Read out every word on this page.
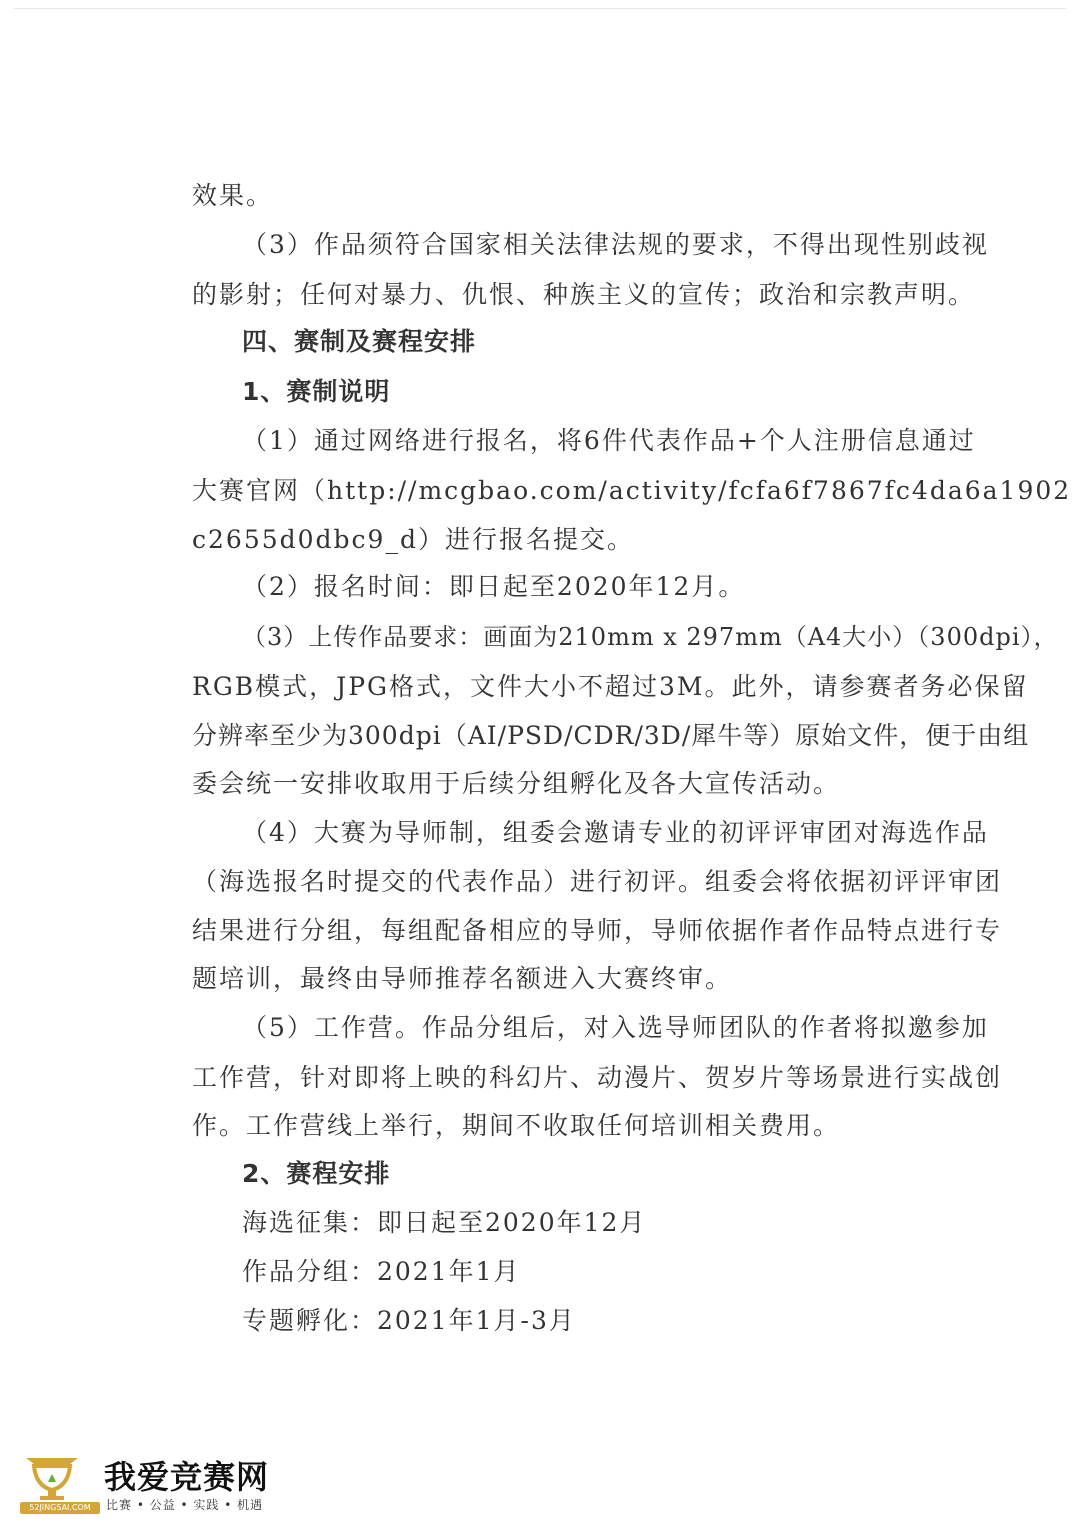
效果。
（3）作品须符合国家相关法律法规的要求，不得出现性别歧视
的影射；任何对暴力、仇恨、种族主义的宣传；政治和宗教声明。
四、赛制及赛程安排
1、赛制说明
（1）通过网络进行报名，将6件代表作品+个人注册信息通过
大赛官网（http://mcgbao.com/activity/fcfa6f7867fc4da6a1902
c2655d0dbc9_d）进行报名提交。
（2）报名时间：即日起至2020年12月。
（3）上传作品要求：画面为210mm x 297mm（A4大小）（300dpi），
RGB模式，JPG格式，文件大小不超过3M。此外，请参赛者务必保留
分辨率至少为300dpi（AI/PSD/CDR/3D/犀牛等）原始文件，便于由组
委会统一安排收取用于后续分组孵化及各大宣传活动。
（4）大赛为导师制，组委会邀请专业的初评评审团对海选作品
（海选报名时提交的代表作品）进行初评。组委会将依据初评评审团
结果进行分组，每组配备相应的导师，导师依据作者作品特点进行专
题培训，最终由导师推荐名额进入大赛终审。
（5）工作营。作品分组后，对入选导师团队的作者将拟邀参加
工作营，针对即将上映的科幻片、动漫片、贺岁片等场景进行实战创
作。工作营线上举行，期间不收取任何培训相关费用。
2、赛程安排
海选征集：即日起至2020年12月
作品分组：2021年1月
专题孵化：2021年1月-3月
52JINGSAI.COM
我爱竞赛网
比赛 • 公益 • 实践 • 机遇
